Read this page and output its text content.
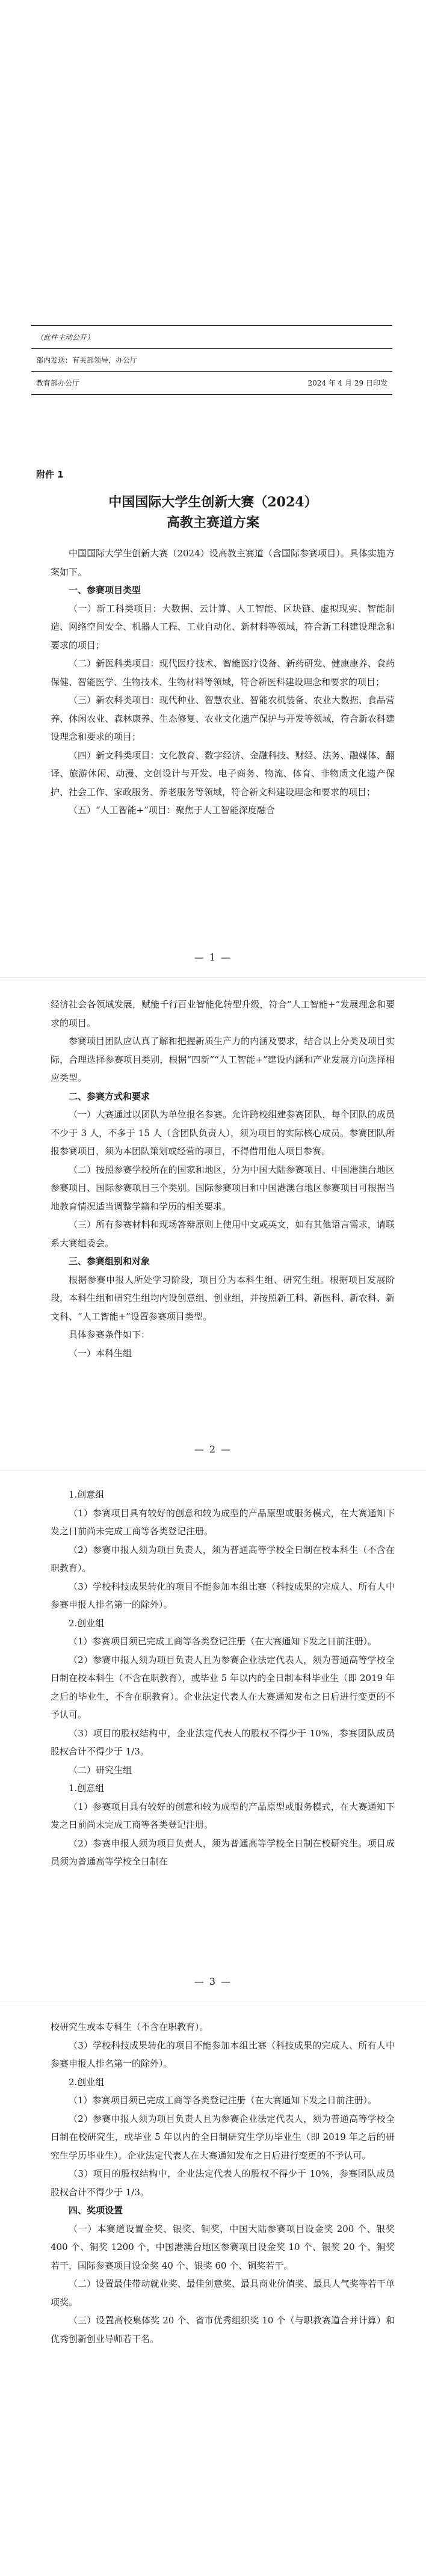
（此件主动公开）
部内发送：有关部领导，办公厅
教育部办公厅	2024 年 4 月 29 日印发
附件 1
中国国际大学生创新大赛（2024）
高教主赛道方案

中国国际大学生创新大赛（2024）设高教主赛道（含国际参赛项目）。具体实施方案如下。

一、参赛项目类型

（一）新工科类项目：大数据、云计算、人工智能、区块链、虚拟现实、智能制造、网络空间安全、机器人工程、工业自动化、新材料等领域，符合新工科建设理念和要求的项目；

（二）新医科类项目：现代医疗技术、智能医疗设备、新药研发、健康康养、食药保健、智能医学、生物技术、生物材料等领域，符合新医科建设理念和要求的项目；

（三）新农科类项目：现代种业、智慧农业、智能农机装备、农业大数据、食品营养、休闲农业、森林康养、生态修复、农业文化遗产保护与开发等领域，符合新农科建设理念和要求的项目；

（四）新文科类项目：文化教育、数字经济、金融科技、财经、法务、融媒体、翻译、旅游休闲、动漫、文创设计与开发、电子商务、物流、体育、非物质文化遗产保护、社会工作、家政服务、养老服务等领域，符合新文科建设理念和要求的项目；

（五）“人工智能+”项目：聚焦于人工智能深度融合

— 1 —

经济社会各领域发展，赋能千行百业智能化转型升级，符合“人工智能+”发展理念和要求的项目。

参赛项目团队应认真了解和把握新质生产力的内涵及要求，结合以上分类及项目实际，合理选择参赛项目类别，根据“四新”“人工智能+”建设内涵和产业发展方向选择相应类型。

二、参赛方式和要求

（一）大赛通过以团队为单位报名参赛。允许跨校组建参赛团队，每个团队的成员不少于 3 人，不多于 15 人（含团队负责人），须为项目的实际核心成员。参赛团队所报参赛项目，须为本团队策划或经营的项目，不得借用他人项目参赛。

（二）按照参赛学校所在的国家和地区，分为中国大陆参赛项目、中国港澳台地区参赛项目、国际参赛项目三个类别。国际参赛项目和中国港澳台地区参赛项目可根据当地教育情况适当调整学籍和学历的相关要求。

（三）所有参赛材料和现场答辩原则上使用中文或英文，如有其他语言需求，请联系大赛组委会。

三、参赛组别和对象

根据参赛申报人所处学习阶段，项目分为本科生组、研究生组。根据项目发展阶段，本科生组和研究生组均内设创意组、创业组，并按照新工科、新医科、新农科、新文科、“人工智能+”设置参赛项目类型。

具体参赛条件如下：

（一）本科生组

— 2 —

1.创意组

（1）参赛项目具有较好的创意和较为成型的产品原型或服务模式，在大赛通知下发之日前尚未完成工商等各类登记注册。

（2）参赛申报人须为项目负责人，须为普通高等学校全日制在校本科生（不含在职教育）。

（3）学校科技成果转化的项目不能参加本组比赛（科技成果的完成人、所有人中参赛申报人排名第一的除外）。

2.创业组

（1）参赛项目须已完成工商等各类登记注册（在大赛通知下发之日前注册）。

（2）参赛申报人须为项目负责人且为参赛企业法定代表人，须为普通高等学校全日制在校本科生（不含在职教育），或毕业 5 年以内的全日制本科毕业生（即 2019 年之后的毕业生，不含在职教育）。企业法定代表人在大赛通知发布之日后进行变更的不予认可。

（3）项目的股权结构中，企业法定代表人的股权不得少于 10%，参赛团队成员股权合计不得少于 1/3。

（二）研究生组

1.创意组

（1）参赛项目具有较好的创意和较为成型的产品原型或服务模式，在大赛通知下发之日前尚未完成工商等各类登记注册。

（2）参赛申报人须为项目负责人，须为普通高等学校全日制在校研究生。项目成员须为普通高等学校全日制在

— 3 —

校研究生或本专科生（不含在职教育）。

（3）学校科技成果转化的项目不能参加本组比赛（科技成果的完成人、所有人中参赛申报人排名第一的除外）。

2.创业组

（1）参赛项目须已完成工商等各类登记注册（在大赛通知下发之日前注册）。

（2）参赛申报人须为项目负责人且为参赛企业法定代表人，须为普通高等学校全日制在校研究生，或毕业 5 年以内的全日制研究生学历毕业生（即 2019 年之后的研究生学历毕业生）。企业法定代表人在大赛通知发布之日后进行变更的不予认可。

（3）项目的股权结构中，企业法定代表人的股权不得少于 10%，参赛团队成员股权合计不得少于 1/3。

四、奖项设置

（一）本赛道设置金奖、银奖、铜奖，中国大陆参赛项目设金奖 200 个、银奖 400 个、铜奖 1200 个，中国港澳台地区参赛项目设金奖 10 个、银奖 20 个、铜奖若干，国际参赛项目设金奖 40 个、银奖 60 个、铜奖若干。

（二）设置最佳带动就业奖、最佳创意奖、最具商业价值奖、最具人气奖等若干单项奖。

（三）设置高校集体奖 20 个、省市优秀组织奖 10 个（与职教赛道合并计算）和优秀创新创业导师若干名。
